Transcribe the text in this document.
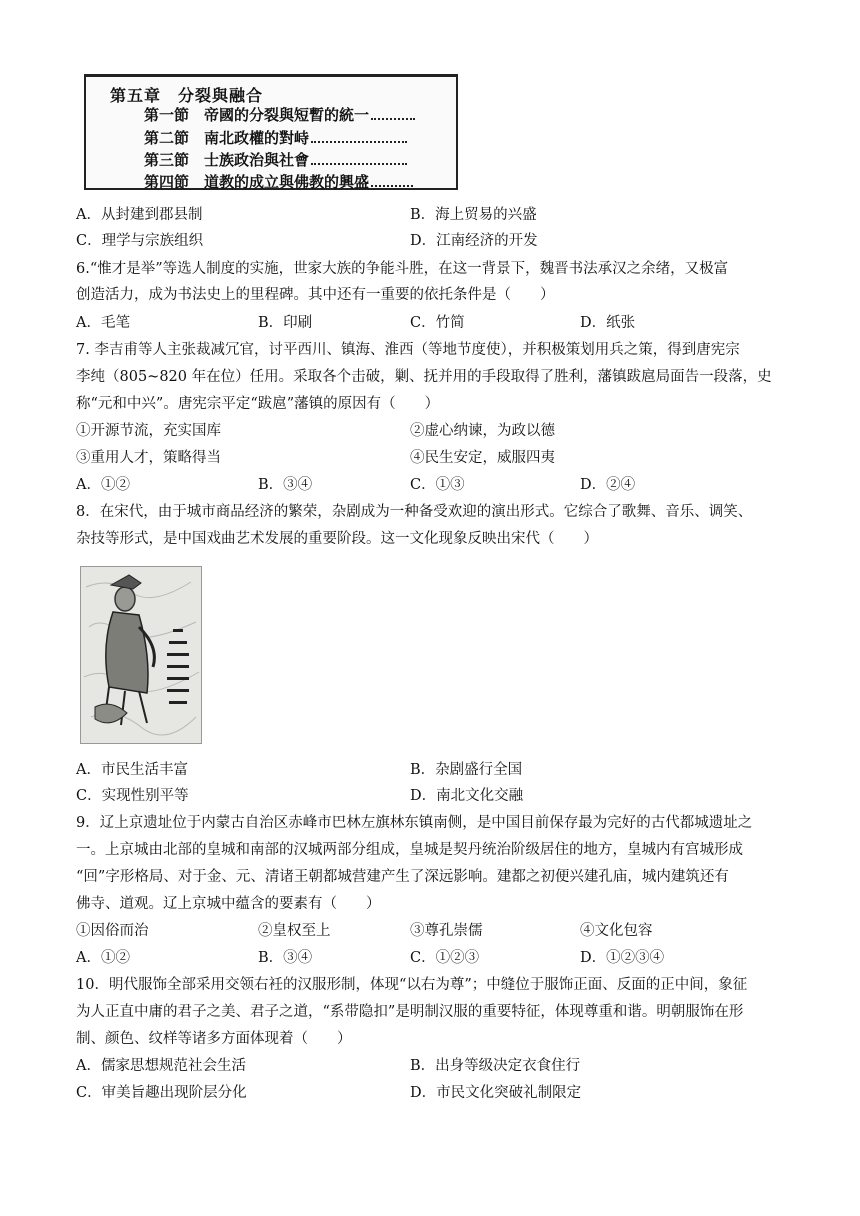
第五章　分裂與融合
第一節　帝國的分裂與短暫的統一
第二節　南北政權的對峙
第三節　士族政治與社會
第四節　道教的成立與佛教的興盛
A．从封建到郡县制	B．海上贸易的兴盛
C．理学与宗族组织	D．江南经济的开发
6.“惟才是举”等选人制度的实施，世家大族的争能斗胜，在这一背景下，魏晋书法承汉之余绪，又极富
创造活力，成为书法史上的里程碑。其中还有一重要的依托条件是（　　）
A．毛笔	B．印刷	C．竹简	D．纸张
7. 李吉甫等人主张裁减冗官，讨平西川、镇海、淮西（等地节度使），并积极策划用兵之策，得到唐宪宗
李纯（805~820 年在位）任用。采取各个击破，剿、抚并用的手段取得了胜利，藩镇跋扈局面告一段落，史
称“元和中兴”。唐宪宗平定“跋扈”藩镇的原因有（　　）
①开源节流，充实国库	②虚心纳谏，为政以德
③重用人才，策略得当	④民生安定，威服四夷
A．①②	B．③④	C．①③	D．②④
8．在宋代，由于城市商品经济的繁荣，杂剧成为一种备受欢迎的演出形式。它综合了歌舞、音乐、调笑、
杂技等形式，是中国戏曲艺术发展的重要阶段。这一文化现象反映出宋代（　　）
A．市民生活丰富	B．杂剧盛行全国
C．实现性别平等	D．南北文化交融
9．辽上京遗址位于内蒙古自治区赤峰市巴林左旗林东镇南侧，是中国目前保存最为完好的古代都城遗址之
一。上京城由北部的皇城和南部的汉城两部分组成，皇城是契丹统治阶级居住的地方，皇城内有宫城形成
“回”字形格局、对于金、元、清诸王朝都城营建产生了深远影响。建都之初便兴建孔庙，城内建筑还有
佛寺、道观。辽上京城中蕴含的要素有（　　）
①因俗而治	②皇权至上	③尊孔崇儒	④文化包容
A．①②	B．③④	C．①②③	D．①②③④
10．明代服饰全部采用交领右衽的汉服形制，体现“以右为尊”；中缝位于服饰正面、反面的正中间，象征
为人正直中庸的君子之美、君子之道，“系带隐扣”是明制汉服的重要特征，体现尊重和谐。明朝服饰在形
制、颜色、纹样等诸多方面体现着（　　）
A．儒家思想规范社会生活	B．出身等级决定衣食住行
C．审美旨趣出现阶层分化	D．市民文化突破礼制限定
